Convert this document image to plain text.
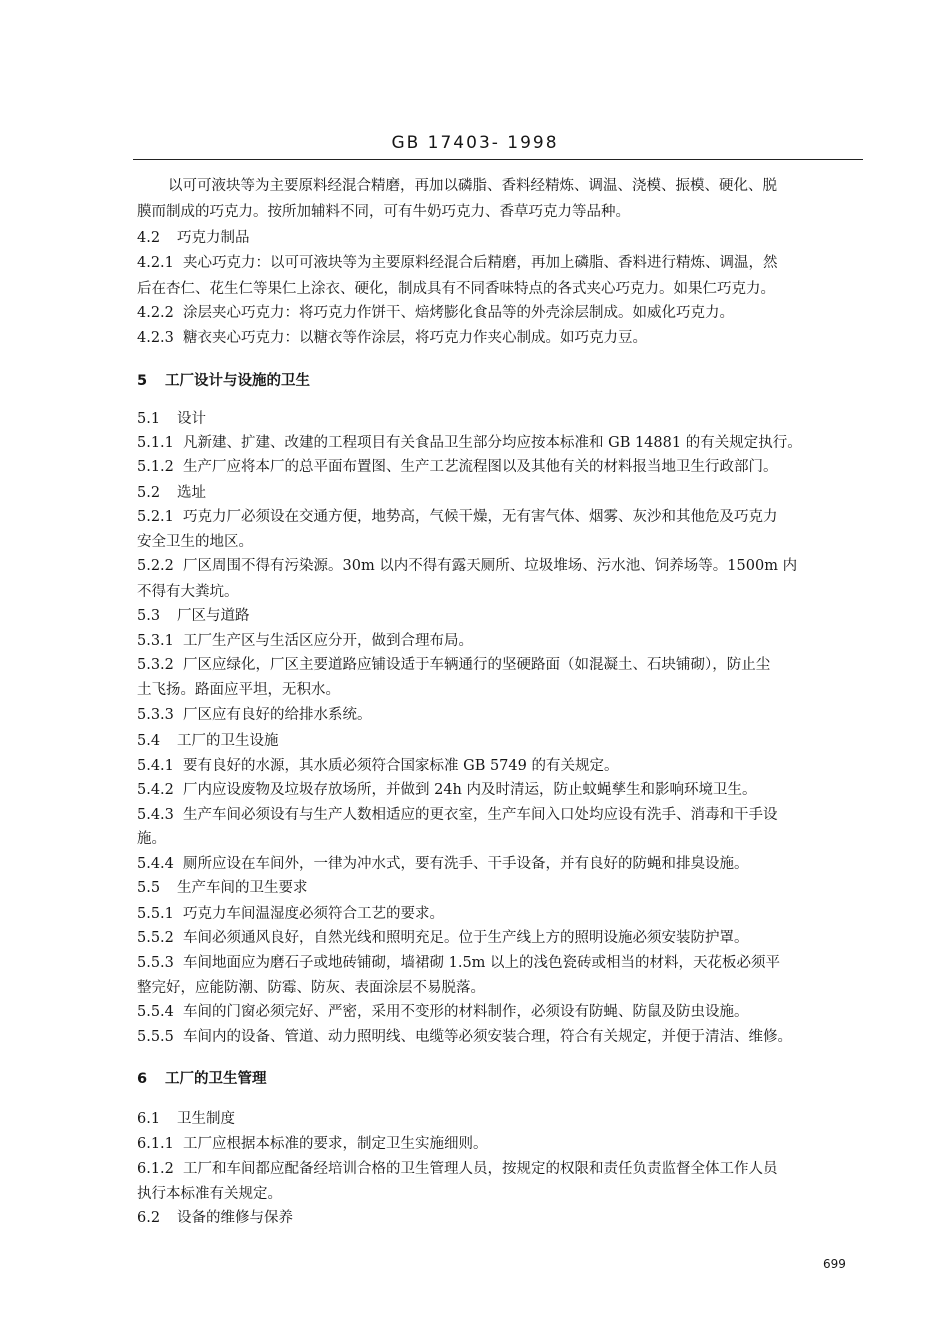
GB 17403- 1998
以可可液块等为主要原料经混合精磨，再加以磷脂、香料经精炼、调温、浇模、振模、硬化、脱
膜而制成的巧克力。按所加辅料不同，可有牛奶巧克力、香草巧克力等品种。
4.2 巧克力制品
4.2.1 夹心巧克力：以可可液块等为主要原料经混合后精磨，再加上磷脂、香料进行精炼、调温，然
后在杏仁、花生仁等果仁上涂衣、硬化，制成具有不同香味特点的各式夹心巧克力。如果仁巧克力。
4.2.2 涂层夹心巧克力：将巧克力作饼干、焙烤膨化食品等的外壳涂层制成。如威化巧克力。
4.2.3 糖衣夹心巧克力：以糖衣等作涂层，将巧克力作夹心制成。如巧克力豆。
5 工厂设计与设施的卫生
5.1 设计
5.1.1 凡新建、扩建、改建的工程项目有关食品卫生部分均应按本标准和 GB 14881 的有关规定执行。
5.1.2 生产厂应将本厂的总平面布置图、生产工艺流程图以及其他有关的材料报当地卫生行政部门。
5.2 选址
5.2.1 巧克力厂必须设在交通方便，地势高，气候干燥，无有害气体、烟雾、灰沙和其他危及巧克力
安全卫生的地区。
5.2.2 厂区周围不得有污染源。30m 以内不得有露天厕所、垃圾堆场、污水池、饲养场等。1500m 内
不得有大粪坑。
5.3 厂区与道路
5.3.1 工厂生产区与生活区应分开，做到合理布局。
5.3.2 厂区应绿化，厂区主要道路应铺设适于车辆通行的坚硬路面（如混凝土、石块铺砌），防止尘
土飞扬。路面应平坦，无积水。
5.3.3 厂区应有良好的给排水系统。
5.4 工厂的卫生设施
5.4.1 要有良好的水源，其水质必须符合国家标准 GB 5749 的有关规定。
5.4.2 厂内应设废物及垃圾存放场所，并做到 24h 内及时清运，防止蚊蝇孳生和影响环境卫生。
5.4.3 生产车间必须设有与生产人数相适应的更衣室，生产车间入口处均应设有洗手、消毒和干手设
施。
5.4.4 厕所应设在车间外，一律为冲水式，要有洗手、干手设备，并有良好的防蝇和排臭设施。
5.5 生产车间的卫生要求
5.5.1 巧克力车间温湿度必须符合工艺的要求。
5.5.2 车间必须通风良好，自然光线和照明充足。位于生产线上方的照明设施必须安装防护罩。
5.5.3 车间地面应为磨石子或地砖铺砌，墙裙砌 1.5m 以上的浅色瓷砖或相当的材料，天花板必须平
整完好，应能防潮、防霉、防灰、表面涂层不易脱落。
5.5.4 车间的门窗必须完好、严密，采用不变形的材料制作，必须设有防蝇、防鼠及防虫设施。
5.5.5 车间内的设备、管道、动力照明线、电缆等必须安装合理，符合有关规定，并便于清洁、维修。
6 工厂的卫生管理
6.1 卫生制度
6.1.1 工厂应根据本标准的要求，制定卫生实施细则。
6.1.2 工厂和车间都应配备经培训合格的卫生管理人员，按规定的权限和责任负责监督全体工作人员
执行本标准有关规定。
6.2 设备的维修与保养
699
